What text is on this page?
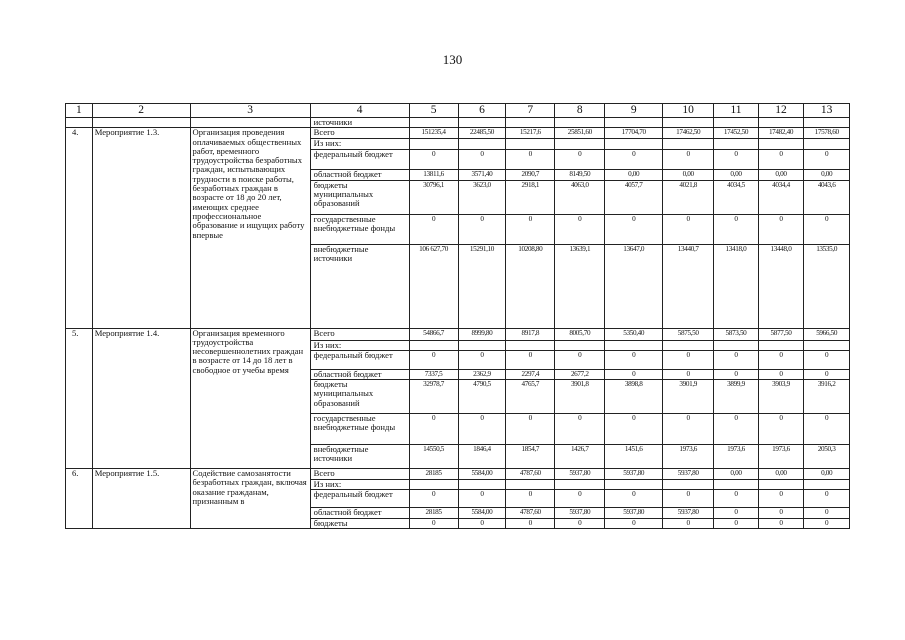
130
1	2	3	4	5	6	7	8	9	10	11	12	13
			источники									
4.	Мероприятие 1.3.	Организация проведения оплачиваемых общественных работ, временного трудоустройства безработных граждан, испытывающих трудности в поиске работы, безработных граждан в возрасте от 18 до 20 лет, имеющих среднее профессиональное образование и ищущих работу впервые	Всего	151235,4	22485,50	15217,6	25851,60	17704,70	17462,50	17452,50	17482,40	17578,60
			Из них:									
			федеральный бюджет	0	0	0	0	0	0	0	0	0
			областной бюджет	13811,6	3571,40	2090,7	8149,50	0,00	0,00	0,00	0,00	0,00
			бюджеты муниципальных образований	30796,1	3623,0	2918,1	4063,0	4057,7	4021,8	4034,5	4034,4	4043,6
			государственные внебюджетные фонды	0	0	0	0	0	0	0	0	0
			внебюджетные источники	106 627,70	15291,10	10208,80	13639,1	13647,0	13440,7	13418,0	13448,0	13535,0
5.	Мероприятие 1.4.	Организация временного трудоустройства несовершеннолетних граждан в возрасте от 14 до 18 лет в свободное от учебы время	Всего	54866,7	8999,80	8917,8	8005,70	5350,40	5875,50	5873,50	5877,50	5966,50
			Из них:									
			федеральный бюджет	0	0	0	0	0	0	0	0	0
			областной бюджет	7337,5	2362,9	2297,4	2677,2	0	0	0	0	0
			бюджеты муниципальных образований	32978,7	4790,5	4765,7	3901,8	3898,8	3901,9	3899,9	3903,9	3916,2
			государственные внебюджетные фонды	0	0	0	0	0	0	0	0	0
			внебюджетные источники	14550,5	1846,4	1854,7	1426,7	1451,6	1973,6	1973,6	1973,6	2050,3
6.	Мероприятие 1.5.	Содействие самозанятости безработных граждан, включая оказание гражданам, признанным в	Всего	28185	5584,00	4787,60	5937,80	5937,80	5937,80	0,00	0,00	0,00
			Из них:									
			федеральный бюджет	0	0	0	0	0	0	0	0	0
			областной бюджет	28185	5584,00	4787,60	5937,80	5937,80	5937,80	0	0	0
			бюджеты	0	0	0	0	0	0	0	0	0
